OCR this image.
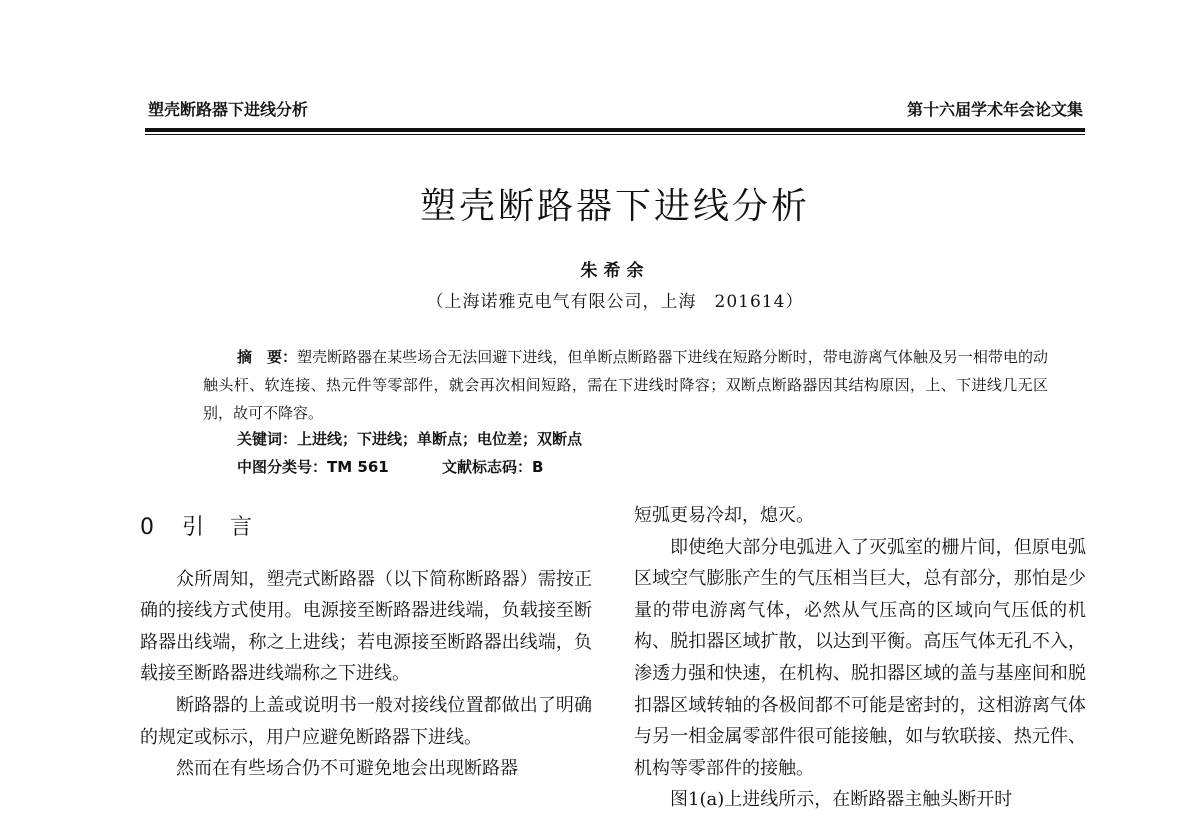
塑壳断路器下进线分析	第十六届学术年会论文集
塑壳断路器下进线分析
朱希余
（上海诺雅克电气有限公司，上海　201614）
摘　要：塑壳断路器在某些场合无法回避下进线，但单断点断路器下进线在短路分断时，带电游离气体触及另一相带电的动触头杆、软连接、热元件等零部件，就会再次相间短路，需在下进线时降容；双断点断路器因其结构原因，上、下进线几无区别，故可不降容。
关键词：上进线；下进线；单断点；电位差；双断点
中图分类号：TM 561	文献标志码：B
0 引言

众所周知，塑壳式断路器（以下简称断路器）需按正确的接线方式使用。电源接至断路器进线端，负载接至断路器出线端，称之上进线；若电源接至断路器出线端，负载接至断路器进线端称之下进线。

断路器的上盖或说明书一般对接线位置都做出了明确的规定或标示，用户应避免断路器下进线。

然而在有些场合仍不可避免地会出现断路器

短弧更易冷却，熄灭。

即使绝大部分电弧进入了灭弧室的栅片间，但原电弧区域空气膨胀产生的气压相当巨大，总有部分，那怕是少量的带电游离气体，必然从气压高的区域向气压低的机构、脱扣器区域扩散，以达到平衡。高压气体无孔不入，渗透力强和快速，在机构、脱扣器区域的盖与基座间和脱扣器区域转轴的各极间都不可能是密封的，这相游离气体与另一相金属零部件很可能接触，如与软联接、热元件、机构等零部件的接触。

图1(a)上进线所示，在断路器主触头断开时
